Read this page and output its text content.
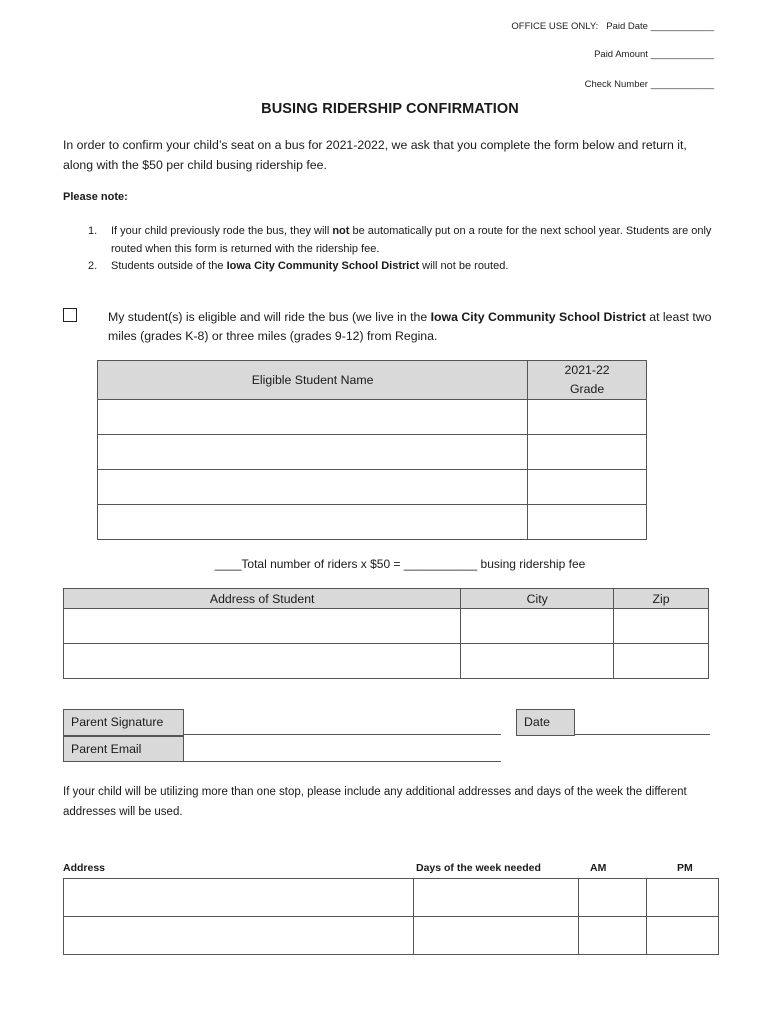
OFFICE USE ONLY:   Paid Date ____________
Paid Amount ____________
Check Number ____________
BUSING RIDERSHIP CONFIRMATION
In order to confirm your child’s seat on a bus for 2021-2022, we ask that you complete the form below and return it, along with the $50 per child busing ridership fee.
Please note:
1. If your child previously rode the bus, they will not be automatically put on a route for the next school year. Students are only routed when this form is returned with the ridership fee.
2. Students outside of the Iowa City Community School District will not be routed.
My student(s) is eligible and will ride the bus (we live in the Iowa City Community School District at least two miles (grades K-8) or three miles (grades 9-12) from Regina.
Eligible Student Name	2021-22
Grade

____Total number of riders x $50 = ___________ busing ridership fee
Address of Student	City	Zip

Parent Signature
Parent Email
Date
If your child will be utilizing more than one stop, please include any additional addresses and days of the week the different addresses will be used.
Address	Days of the week needed	AM	PM
